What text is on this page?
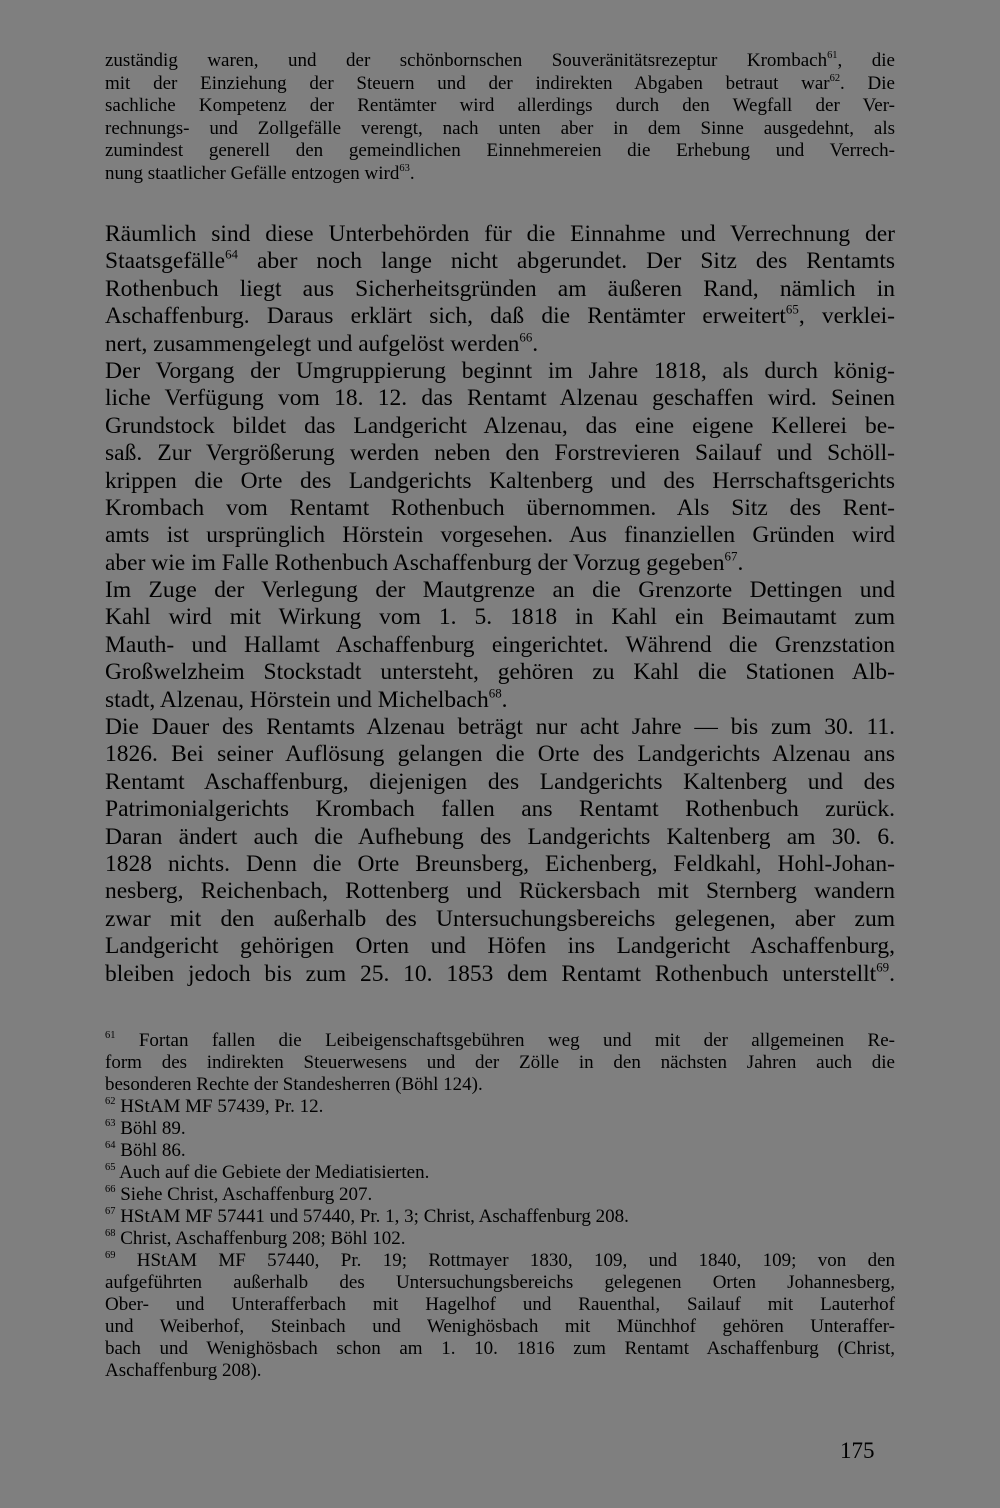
zuständig waren, und der schönbornschen Souveränitätsrezeptur Krombach$^{61}$, die
mit der Einziehung der Steuern und der indirekten Abgaben betraut war$^{62}$. Die
sachliche Kompetenz der Rentämter wird allerdings durch den Wegfall der Ver-
rechnungs- und Zollgefälle verengt, nach unten aber in dem Sinne ausgedehnt, als
zumindest generell den gemeindlichen Einnehmereien die Erhebung und Verrech-
nung staatlicher Gefälle entzogen wird$^{63}$.
Räumlich sind diese Unterbehörden für die Einnahme und Verrechnung der
Staatsgefälle$^{64}$ aber noch lange nicht abgerundet. Der Sitz des Rentamts
Rothenbuch liegt aus Sicherheitsgründen am äußeren Rand, nämlich in
Aschaffenburg. Daraus erklärt sich, daß die Rentämter erweitert$^{65}$, verklei-
nert, zusammengelegt und aufgelöst werden$^{66}$.
Der Vorgang der Umgruppierung beginnt im Jahre 1818, als durch könig-
liche Verfügung vom 18. 12. das Rentamt Alzenau geschaffen wird. Seinen
Grundstock bildet das Landgericht Alzenau, das eine eigene Kellerei be-
saß. Zur Vergrößerung werden neben den Forstrevieren Sailauf und Schöll-
krippen die Orte des Landgerichts Kaltenberg und des Herrschaftsgerichts
Krombach vom Rentamt Rothenbuch übernommen. Als Sitz des Rent-
amts ist ursprünglich Hörstein vorgesehen. Aus finanziellen Gründen wird
aber wie im Falle Rothenbuch Aschaffenburg der Vorzug gegeben$^{67}$.
Im Zuge der Verlegung der Mautgrenze an die Grenzorte Dettingen und
Kahl wird mit Wirkung vom 1. 5. 1818 in Kahl ein Beimautamt zum
Mauth- und Hallamt Aschaffenburg eingerichtet. Während die Grenzstation
Großwelzheim Stockstadt untersteht, gehören zu Kahl die Stationen Alb-
stadt, Alzenau, Hörstein und Michelbach$^{68}$.
Die Dauer des Rentamts Alzenau beträgt nur acht Jahre — bis zum 30. 11.
1826. Bei seiner Auflösung gelangen die Orte des Landgerichts Alzenau ans
Rentamt Aschaffenburg, diejenigen des Landgerichts Kaltenberg und des
Patrimonialgerichts Krombach fallen ans Rentamt Rothenbuch zurück.
Daran ändert auch die Aufhebung des Landgerichts Kaltenberg am 30. 6.
1828 nichts. Denn die Orte Breunsberg, Eichenberg, Feldkahl, Hohl-Johan-
nesberg, Reichenbach, Rottenberg und Rückersbach mit Sternberg wandern
zwar mit den außerhalb des Untersuchungsbereichs gelegenen, aber zum
Landgericht gehörigen Orten und Höfen ins Landgericht Aschaffenburg,
bleiben jedoch bis zum 25. 10. 1853 dem Rentamt Rothenbuch unterstellt$^{69}$.
$^{61}$ Fortan fallen die Leibeigenschaftsgebühren weg und mit der allgemeinen Re-
form des indirekten Steuerwesens und der Zölle in den nächsten Jahren auch die
besonderen Rechte der Standesherren (Böhl 124).
$^{62}$ HStAM MF 57439, Pr. 12.
$^{63}$ Böhl 89.
$^{64}$ Böhl 86.
$^{65}$ Auch auf die Gebiete der Mediatisierten.
$^{66}$ Siehe Christ, Aschaffenburg 207.
$^{67}$ HStAM MF 57441 und 57440, Pr. 1, 3; Christ, Aschaffenburg 208.
$^{68}$ Christ, Aschaffenburg 208; Böhl 102.
$^{69}$ HStAM MF 57440, Pr. 19; Rottmayer 1830, 109, und 1840, 109; von den
aufgeführten außerhalb des Untersuchungsbereichs gelegenen Orten Johannesberg,
Ober- und Unterafferbach mit Hagelhof und Rauenthal, Sailauf mit Lauterhof
und Weiberhof, Steinbach und Wenighösbach mit Münchhof gehören Unteraffer-
bach und Wenighösbach schon am 1. 10. 1816 zum Rentamt Aschaffenburg (Christ,
Aschaffenburg 208).
175
